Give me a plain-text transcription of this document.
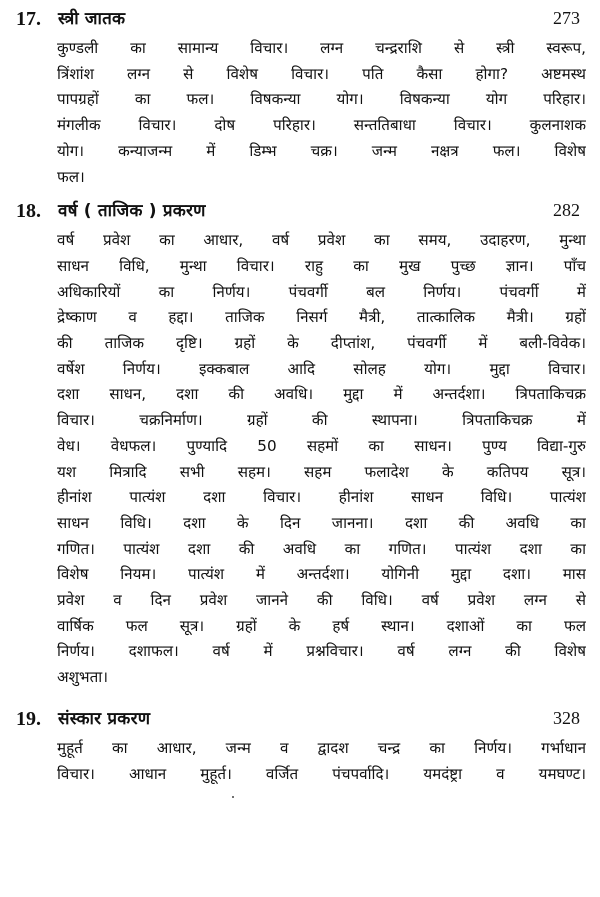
17. स्त्री जातक	273
कुण्डली का सामान्य विचार। लग्न चन्द्रराशि से स्त्री स्वरूप,
त्रिंशांश लग्न से विशेष विचार। पति कैसा होगा? अष्टमस्थ
पापग्रहों का फल। विषकन्या योग। विषकन्या योग परिहार।
मंगलीक विचार। दोष परिहार। सन्ततिबाधा विचार। कुलनाशक
योग। कन्याजन्म में डिम्भ चक्र। जन्म नक्षत्र फल। विशेष
फल।
18. वर्ष ( ताजिक ) प्रकरण	282
वर्ष प्रवेश का आधार, वर्ष प्रवेश का समय, उदाहरण, मुन्था
साधन विधि, मुन्था विचार। राहु का मुख पुच्छ ज्ञान। पाँच
अधिकारियों का निर्णय। पंचवर्गी बल निर्णय। पंचवर्गी में
द्रेष्काण व हद्दा। ताजिक निसर्ग मैत्री, तात्कालिक मैत्री। ग्रहों
की ताजिक दृष्टि। ग्रहों के दीप्तांश, पंचवर्गी में बली-विवेक।
वर्षेश निर्णय। इक्कबाल आदि सोलह योग। मुद्दा विचार।
दशा साधन, दशा की अवधि। मुद्दा में अन्तर्दशा। त्रिपताकिचक्र
विचार। चक्रनिर्माण। ग्रहों की स्थापना। त्रिपताकिचक्र में
वेध। वेधफल। पुण्यादि 50 सहमों का साधन। पुण्य विद्या-गुरु
यश मित्रादि सभी सहम। सहम फलादेश के कतिपय सूत्र।
हीनांश पात्यंश दशा विचार। हीनांश साधन विधि। पात्यंश
साधन विधि। दशा के दिन जानना। दशा की अवधि का
गणित। पात्यंश दशा की अवधि का गणित। पात्यंश दशा का
विशेष नियम। पात्यंश में अन्तर्दशा। योगिनी मुद्दा दशा। मास
प्रवेश व दिन प्रवेश जानने की विधि। वर्ष प्रवेश लग्न से
वार्षिक फल सूत्र। ग्रहों के हर्ष स्थान। दशाओं का फल
निर्णय। दशाफल। वर्ष में प्रश्नविचार। वर्ष लग्न की विशेष
अशुभता।
19. संस्कार प्रकरण	328
मुहूर्त का आधार, जन्म व द्वादश चन्द्र का निर्णय। गर्भाधान
विचार। आधान मुहूर्त। वर्जित पंचपर्वादि। यमदंष्ट्रा व यमघण्ट।
